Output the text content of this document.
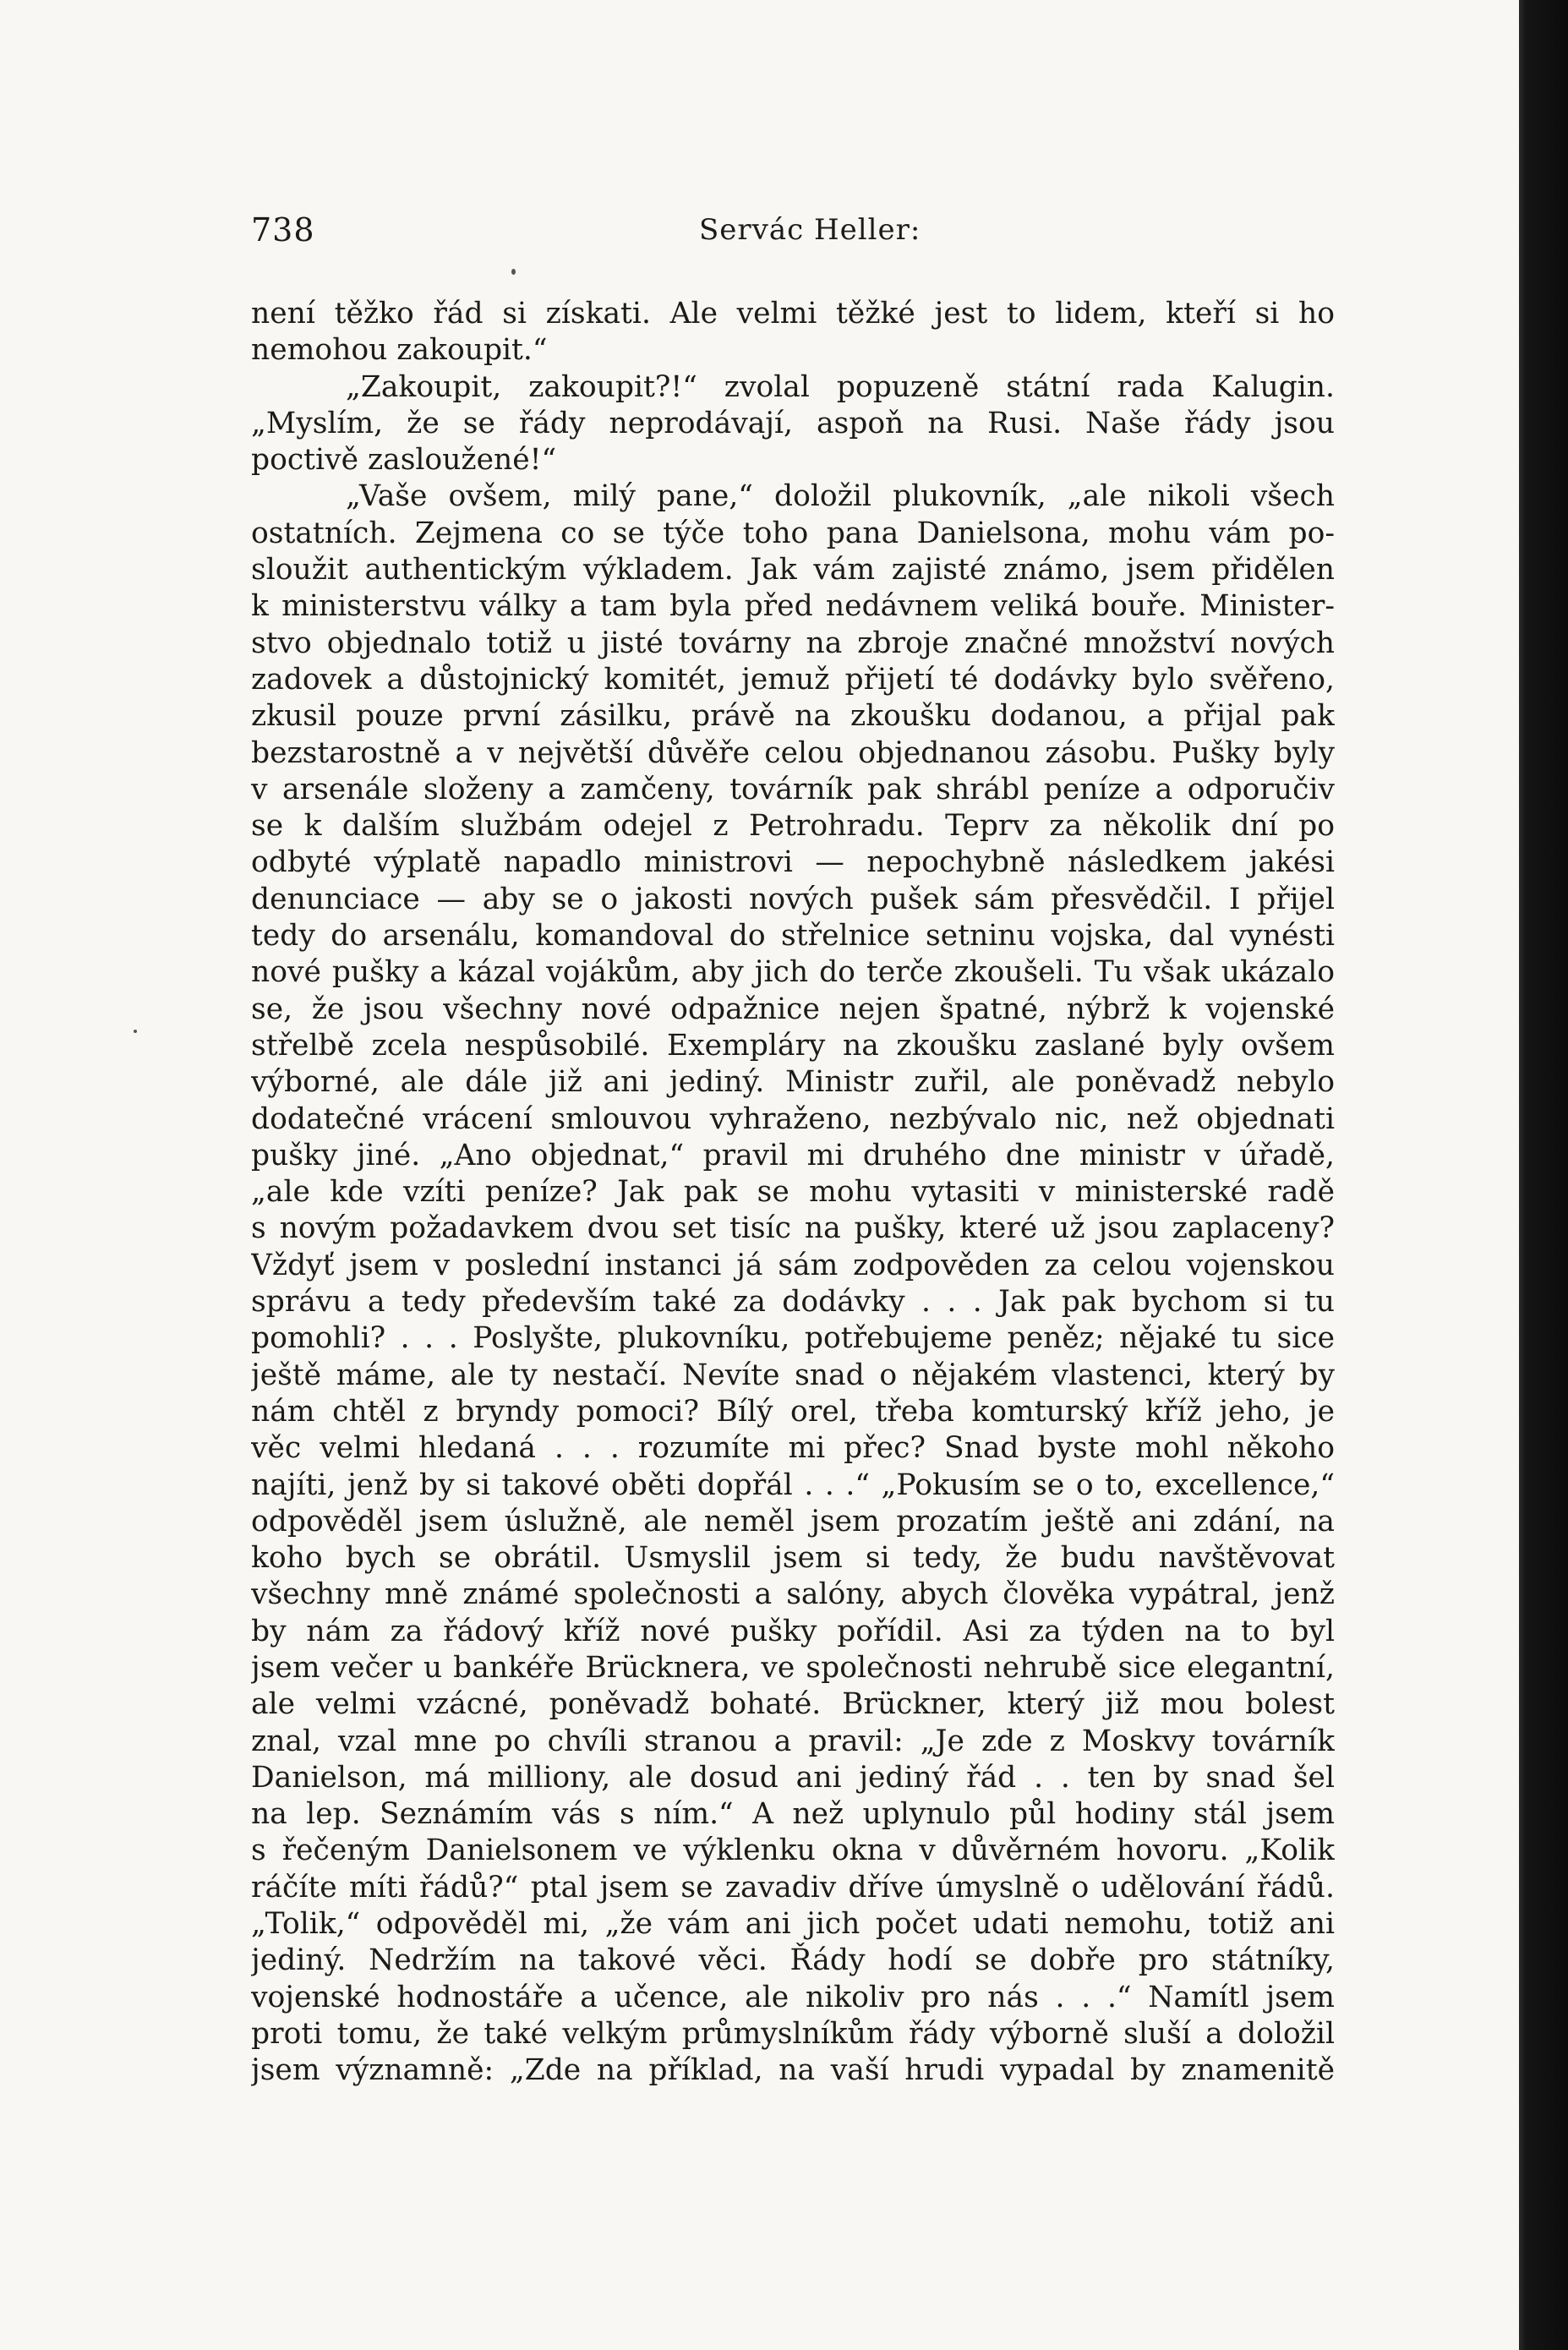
738	Servác Heller:
není těžko řád si získati. Ale velmi těžké jest to lidem, kteří si ho
nemohou zakoupit.“
„Zakoupit, zakoupit?!“ zvolal popuzeně státní rada Kalugin.
„Myslím, že se řády neprodávají, aspoň na Rusi. Naše řády jsou
poctivě zasloužené!“
„Vaše ovšem, milý pane,“ doložil plukovník, „ale nikoli všech
ostatních. Zejmena co se týče toho pana Danielsona, mohu vám po-
sloužit authentickým výkladem. Jak vám zajisté známo, jsem přidělen
k ministerstvu války a tam byla před nedávnem veliká bouře. Minister-
stvo objednalo totiž u jisté továrny na zbroje značné množství nových
zadovek a důstojnický komitét, jemuž přijetí té dodávky bylo svěřeno,
zkusil pouze první zásilku, právě na zkoušku dodanou, a přijal pak
bezstarostně a v největší důvěře celou objednanou zásobu. Pušky byly
v arsenále složeny a zamčeny, továrník pak shrábl peníze a odporučiv
se k dalším službám odejel z Petrohradu. Teprv za několik dní po
odbyté výplatě napadlo ministrovi — nepochybně následkem jakési
denunciace — aby se o jakosti nových pušek sám přesvědčil. I přijel
tedy do arsenálu, komandoval do střelnice setninu vojska, dal vynésti
nové pušky a kázal vojákům, aby jich do terče zkoušeli. Tu však ukázalo
se, že jsou všechny nové odpažnice nejen špatné, nýbrž k vojenské
střelbě zcela nespůsobilé. Exempláry na zkoušku zaslané byly ovšem
výborné, ale dále již ani jediný. Ministr zuřil, ale poněvadž nebylo
dodatečné vrácení smlouvou vyhraženo, nezbývalo nic, než objednati
pušky jiné. „Ano objednat,“ pravil mi druhého dne ministr v úřadě,
„ale kde vzíti peníze? Jak pak se mohu vytasiti v ministerské radě
s novým požadavkem dvou set tisíc na pušky, které už jsou zaplaceny?
Vždyť jsem v poslední instanci já sám zodpověden za celou vojenskou
správu a tedy především také za dodávky . . . Jak pak bychom si tu
pomohli? . . . Poslyšte, plukovníku, potřebujeme peněz; nějaké tu sice
ještě máme, ale ty nestačí. Nevíte snad o nějakém vlastenci, který by
nám chtěl z bryndy pomoci? Bílý orel, třeba komturský kříž jeho, je
věc velmi hledaná . . . rozumíte mi přec? Snad byste mohl někoho
najíti, jenž by si takové oběti dopřál . . .“ „Pokusím se o to, excellence,“
odpověděl jsem úslužně, ale neměl jsem prozatím ještě ani zdání, na
koho bych se obrátil. Usmyslil jsem si tedy, že budu navštěvovat
všechny mně známé společnosti a salóny, abych člověka vypátral, jenž
by nám za řádový kříž nové pušky pořídil. Asi za týden na to byl
jsem večer u bankéře Brücknera, ve společnosti nehrubě sice elegantní,
ale velmi vzácné, poněvadž bohaté. Brückner, který již mou bolest
znal, vzal mne po chvíli stranou a pravil: „Je zde z Moskvy továrník
Danielson, má milliony, ale dosud ani jediný řád . . ten by snad šel
na lep. Seznámím vás s ním.“ A než uplynulo půl hodiny stál jsem
s řečeným Danielsonem ve výklenku okna v důvěrném hovoru. „Kolik
ráčíte míti řádů?“ ptal jsem se zavadiv dříve úmyslně o udělování řádů.
„Tolik,“ odpověděl mi, „že vám ani jich počet udati nemohu, totiž ani
jediný. Nedržím na takové věci. Řády hodí se dobře pro státníky,
vojenské hodnostáře a učence, ale nikoliv pro nás . . .“ Namítl jsem
proti tomu, že také velkým průmyslníkům řády výborně sluší a doložil
jsem významně: „Zde na příklad, na vaší hrudi vypadal by znamenitě
